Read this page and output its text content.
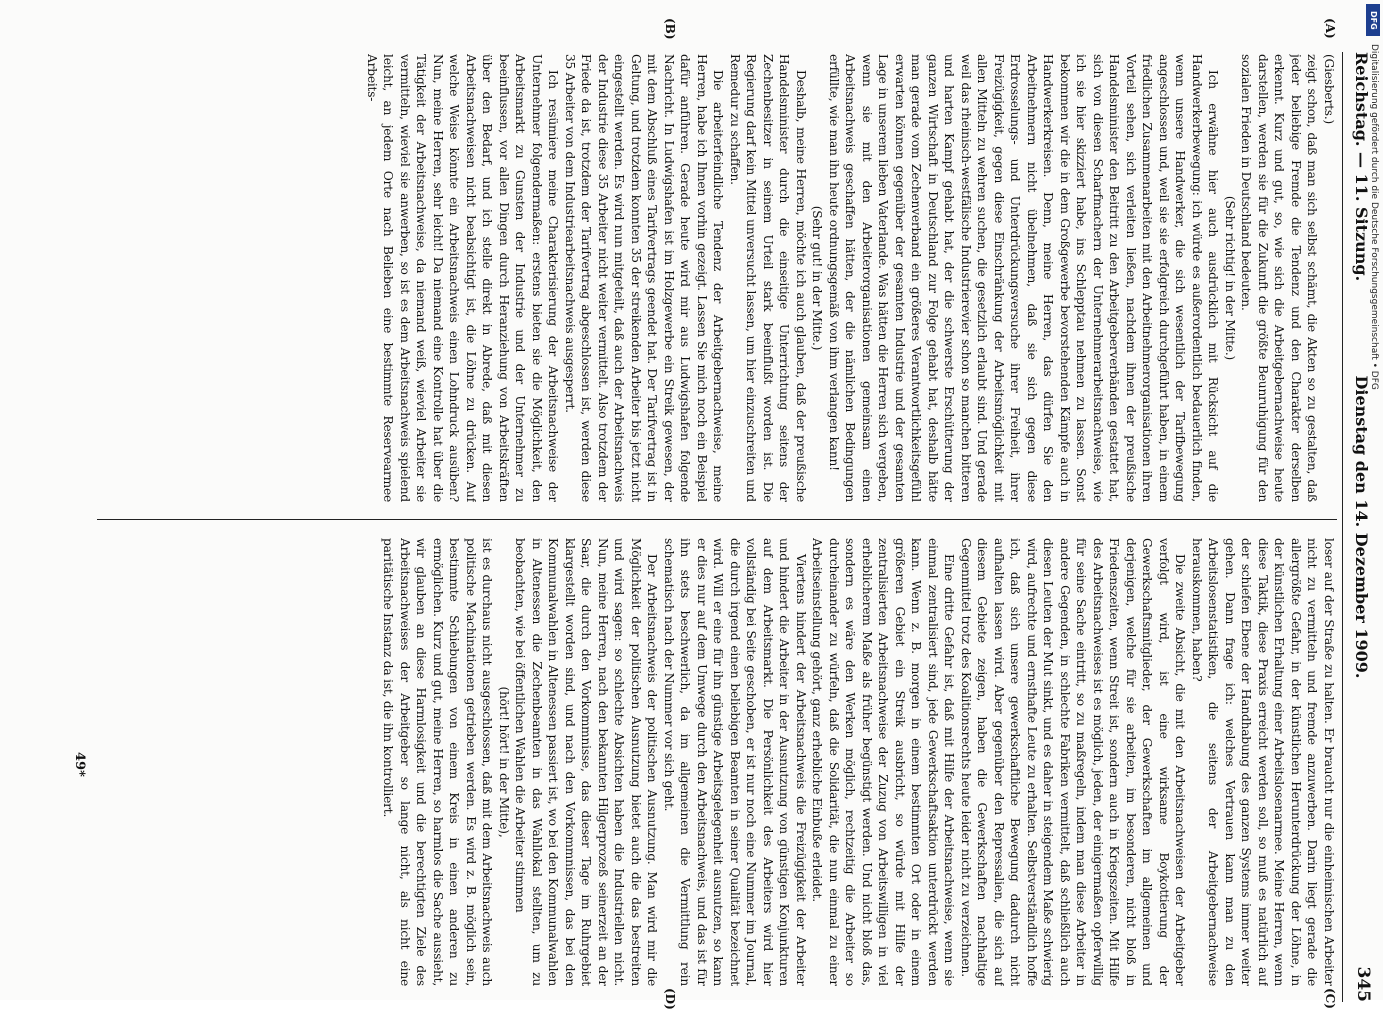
Reichstag. — 11. Sitzung.
Dienstag den 14. Dezember 1909.
345

(Giesberts.)

zeigt schon, daß man sich selbst schämt, die Akten so zu gestalten, daß jeder beliebige Fremde die Tendenz und den Charakter derselben erkennt. Kurz und gut, so, wie sich die Arbeitgebernachweise heute darstellen, werden sie für die Zukunft die größte Beunruhigung für den sozialen Frieden in Deutschland bedeuten.

(Sehr richtig! in der Mitte.)

Ich erwähne hier auch ausdrücklich mit Rücksicht auf die Handwerkerbewegung: ich würde es außerordentlich bedauerlich finden, wenn unsere Handwerker, die sich wesentlich der Tarifbewegung angeschlossen und, weil sie sie erfolgreich durchgeführt haben, in einem friedlichen Zusammenarbeiten mit den Arbeitnehmerorganisationen ihren Vorteil sehen, sich verleiten ließen, nachdem ihnen der preußische Handelsminister den Beitritt zu den Arbeitgeberverbänden gestattet hat, sich von diesen Scharfmachern der Unternehmerarbeitsnachweise, wie ich sie hier skizziert habe, ins Schlepptau nehmen zu lassen. Sonst bekommen wir die in dem Großgewerbe bevorstehenden Kämpfe auch in Handwerkerkreisen. Denn, meine Herren, das dürfen Sie den Arbeitnehmern nicht übelnehmen, daß sie sich gegen diese Erdrosselungs- und Unterdrückungsversuche ihrer Freiheit, ihrer Freizügigkeit, gegen diese Einschränkung der Arbeitsmöglichkeit mit allen Mitteln zu wehren suchen, die gesetzlich erlaubt sind. Und gerade weil das rheinisch-westfälische Industrierevier schon so manchen bitteren und harten Kampf gehabt hat, der die schwerste Erschütterung der ganzen Wirtschaft in Deutschland zur Folge gehabt hat, deshalb hätte man gerade vom Zechenverband ein größeres Verantwortlichkeitsgefühl erwarten können gegenüber der gesamten Industrie und der gesamten Lage in unserem lieben Vaterlande. Was hätten die Herren sich vergeben, wenn sie mit den Arbeiterorganisationen gemeinsam einen Arbeitsnachweis geschaffen hätten, der die nämlichen Bedingungen erfüllte, wie man ihn heute ordnungsgemäß von ihm verlangen kann!

(Sehr gut! in der Mitte.)

Deshalb, meine Herren, möchte ich auch glauben, daß der preußische Handelsminister durch die einseitige Unterrichtung seitens der Zechenbesitzer in seinem Urteil stark beeinflußt worden ist. Die Regierung darf kein Mittel unversucht lassen, um hier einzuschreiten und Remedur zu schaffen.

Die arbeiterfeindliche Tendenz der Arbeitgebernachweise, meine Herren, habe ich Ihnen vorhin gezeigt. Lassen Sie mich noch ein Beispiel dafür anführen. Gerade heute wird mir aus Ludwigshafen folgende Nachricht. In Ludwigshafen ist im Holzgewerbe ein Streik gewesen, der mit dem Abschluß eines Tarifvertrags geendet hat. Der Tarifvertrag ist in Geltung, und trotzdem konnten 35 der streikenden Arbeiter bis jetzt nicht eingestellt werden. Es wird nun mitgeteilt, daß auch der Arbeitsnachweis der Industrie diese 35 Arbeiter nicht weiter vermittelt. Also trotzdem der Friede da ist, trotzdem der Tarifvertrag abgeschlossen ist, werden diese 35 Arbeiter von dem Industriearbeitsnachweis ausgesperrt.

Ich resümiere meine Charakterisierung der Arbeitsnachweise der Unternehmer folgendermaßen: erstens bieten sie die Möglichkeit, den Arbeitsmarkt zu Gunsten der Industrie und der Unternehmer zu beeinflussen, vor allen Dingen durch Heranziehung von Arbeitskräften über den Bedarf, und ich stelle direkt in Abrede, daß mit diesen Arbeitsnachweisen nicht beabsichtigt ist, die Löhne zu drücken. Auf welche Weise könnte ein Arbeitsnachweis einen Lohndruck ausüben? Nun, meine Herren, sehr leicht! Da niemand eine Kontrolle hat über die Tätigkeit der Arbeitsnachweise, da niemand weiß, wieviel Arbeiter sie vermitteln, wieviel sie anwerben, so ist es dem Arbeitsnachweis spielend leicht, an jedem Orte nach Belieben eine bestimmte Reservearmee Arbeits-

loser auf der Straße zu halten. Er braucht nur die einheimischen Arbeiter nicht zu vermitteln und fremde anzuwerben. Darin liegt gerade die allergrößte Gefahr, in der künstlichen Herunterdrückung der Löhne, in der künstlichen Erhaltung einer Arbeitslosenarmee. Meine Herren, wenn diese Taktik, diese Praxis erreicht werden soll, so muß es natürlich auf der schiefen Ebene der Handhabung des ganzen Systems immer weiter gehen. Dann frage ich: welches Vertrauen kann man zu den Arbeitslosenstatistiken, die seitens der Arbeitgebernachweise herauskommen, haben?

Die zweite Absicht, die mit den Arbeitsnachweisen der Arbeitgeber verfolgt wird, ist eine wirksame Boykottierung der Gewerkschaftsmitglieder, der Gewerkschaften im allgemeinen und derjenigen, welche für sie arbeiten, im besonderen, nicht bloß in Friedenszeiten, wenn Streit ist, sondern auch in Kriegszeiten. Mit Hilfe des Arbeitsnachweises ist es möglich, jeden, der einigermaßen opferwillig für seine Sache eintritt, so zu maßregeln, indem man diese Arbeiter in andere Gegenden, in schlechte Fabriken vermittelt, daß schließlich auch diesen Leuten der Mut sinkt, und es daher in steigendem Maße schwierig wird, aufrechte und ernsthafte Leute zu erhalten. Selbstverständlich hoffe ich, daß sich unsere gewerkschaftliche Bewegung dadurch nicht aufhalten lassen wird. Aber gegenüber den Repressalien, die sich auf diesem Gebiete zeigen, haben die Gewerkschaften nachhaltige Gegenmittel trotz des Koalitionsrechts heute leider nicht zu verzeichnen.

Eine dritte Gefahr ist, daß mit Hilfe der Arbeitsnachweise, wenn sie einmal zentralisiert sind, jede Gewerkschaftsaktion unterdrückt werden kann. Wenn z. B. morgen in einem bestimmten Ort oder in einem größeren Gebiet ein Streik ausbricht, so würde mit Hilfe der zentralisierten Arbeitsnachweise der Zuzug von Arbeitswilligen in viel erheblicherem Maße als früher begünstigt werden. Und nicht bloß das, sondern es wäre den Werken möglich, rechtzeitig die Arbeiter so durcheinander zu würfeln, daß die Solidarität, die nun einmal zu einer Arbeitseinstellung gehört, ganz erhebliche Einbuße erleidet.

Viertens hindert der Arbeitsnachweis die Freizügigkeit der Arbeiter und hindert die Arbeiter in der Ausnutzung von günstigen Konjunkturen auf dem Arbeitsmarkt. Die Persönlichkeit des Arbeiters wird hier vollständig bei Seite geschoben, er ist nur noch eine Nummer im Journal, die durch irgend einen beliebigen Beamten in seiner Qualität bezeichnet wird. Will er eine für ihn günstige Arbeitsgelegenheit ausnutzen, so kann er dies nur auf dem Umwege durch den Arbeitsnachweis, und das ist für ihn stets beschwerlich, da im allgemeinen die Vermittlung rein schematisch nach der Nummer vor sich geht.

Der Arbeitsnachweis der politischen Ausnutzung. Man wird mir die Möglichkeit der politischen Ausnutzung bietet auch die das bestreiten und wird sagen: so schlechte Absichten haben die Industriellen nicht. Nun, meine Herren, nach den bekannten Hilgerprozeß seinerzeit an der Saar, die durch den Vorkommnisse, das dieser Tage im Ruhrgebiet klargestellt worden sind, und nach den Vorkommnissen, das bei den Kommunalwahlen in Altenessen passiert ist, wo bei den Kommunalwahlen in Altenessen die Zechenbeamten in das Wahllokal stellten, um zu beobachten, wie bei öffentlichen Wahlen die Arbeiter stimmen

(hört! hört! in der Mitte),

ist es durchaus nicht ausgeschlossen, daß mit dem Arbeitsnachweis auch politische Machinationen getrieben werden. Es wird z. B. möglich sein, bestimmte Schiebungen von einem Kreis in einen anderen zu ermöglichen. Kurz und gut, meine Herren, so harmlos die Sache aussieht, wir glauben an diese Harmlosigkeit und die berechtigten Ziele des Arbeitsnachweises der Arbeitgeber so lange nicht, als nicht eine paritätische Instanz da ist, die ihn kontrolliert.

(A)
(B)
(C)
(D)
49*
DFG
Digitalisierung gefördert durch die Deutsche Forschungsgemeinschaft • DFG
